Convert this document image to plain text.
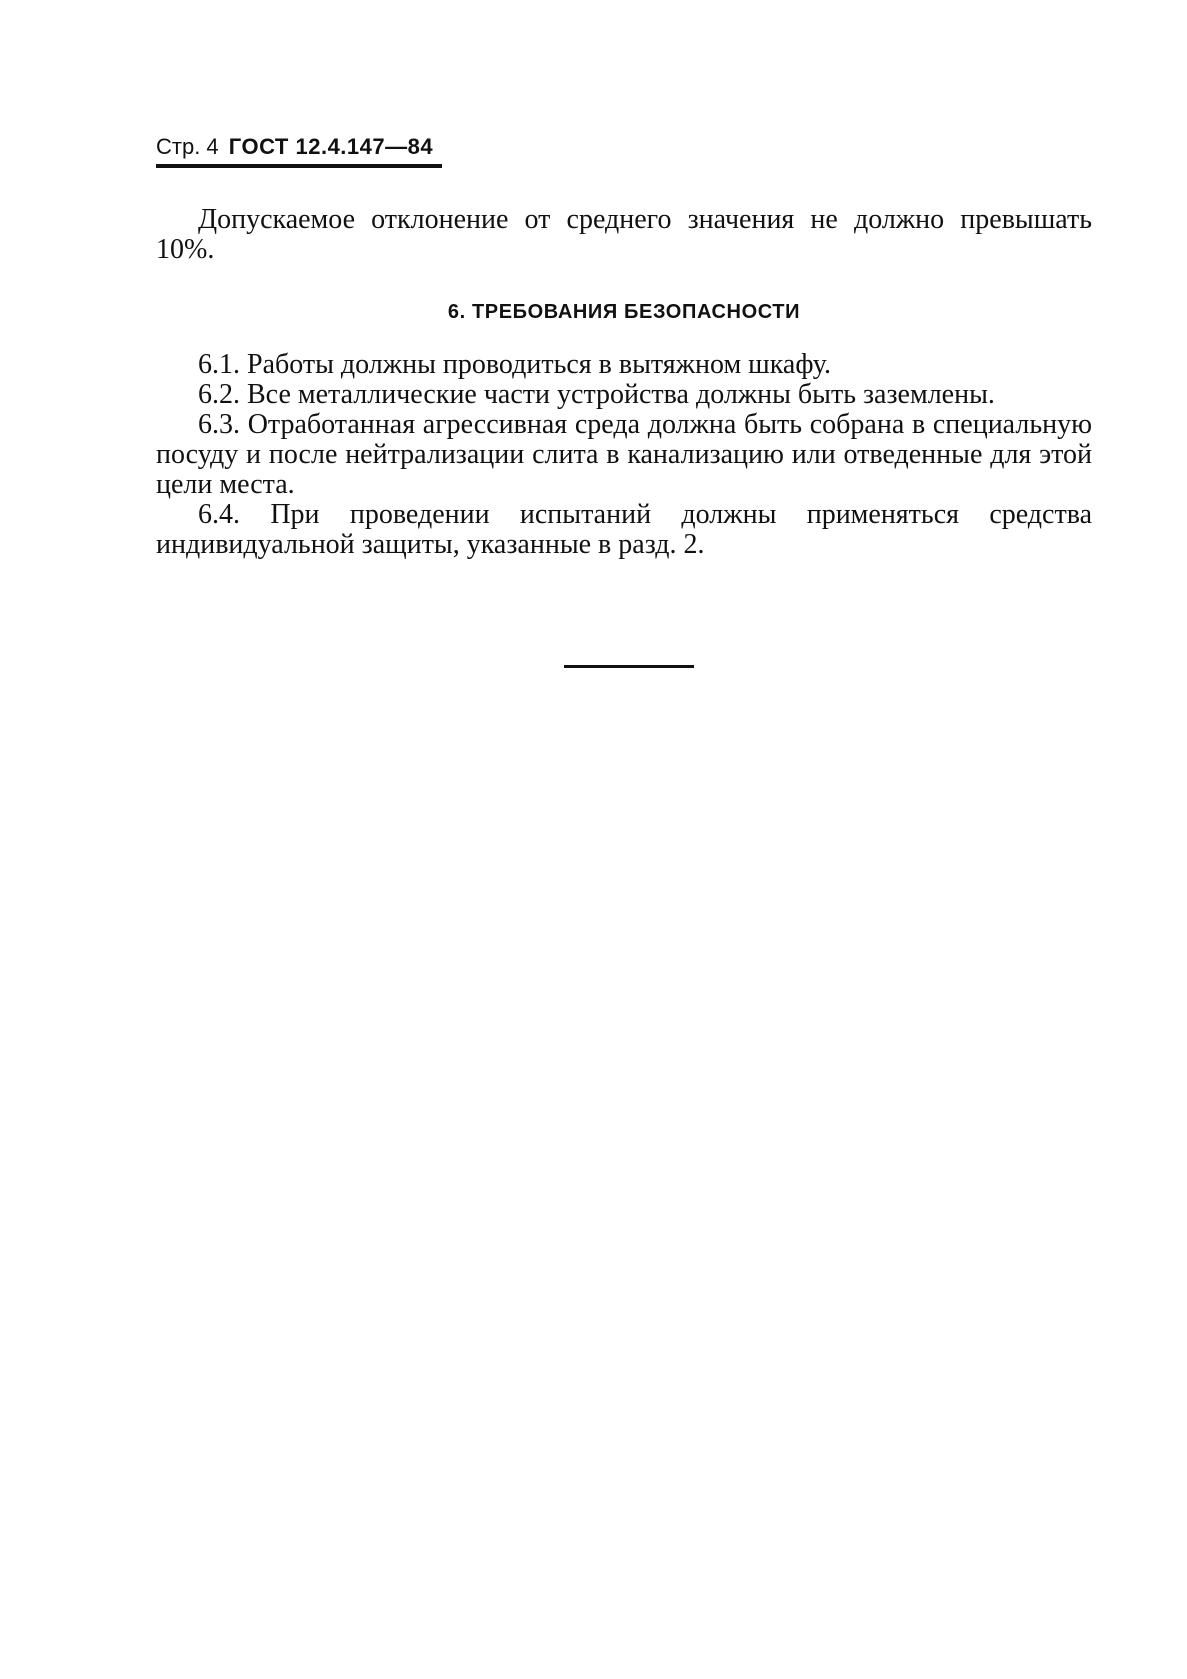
Стр. 4 ГОСТ 12.4.147—84

Допускаемое отклонение от среднего значения не должно превышать 10%.

6. ТРЕБОВАНИЯ БЕЗОПАСНОСТИ

6.1. Работы должны проводиться в вытяжном шкафу.

6.2. Все металлические части устройства должны быть заземлены.

6.3. Отработанная агрессивная среда должна быть собрана в специальную посуду и после нейтрализации слита в канализацию или отведенные для этой цели места.

6.4. При проведении испытаний должны применяться средства индивидуальной защиты, указанные в разд. 2.
